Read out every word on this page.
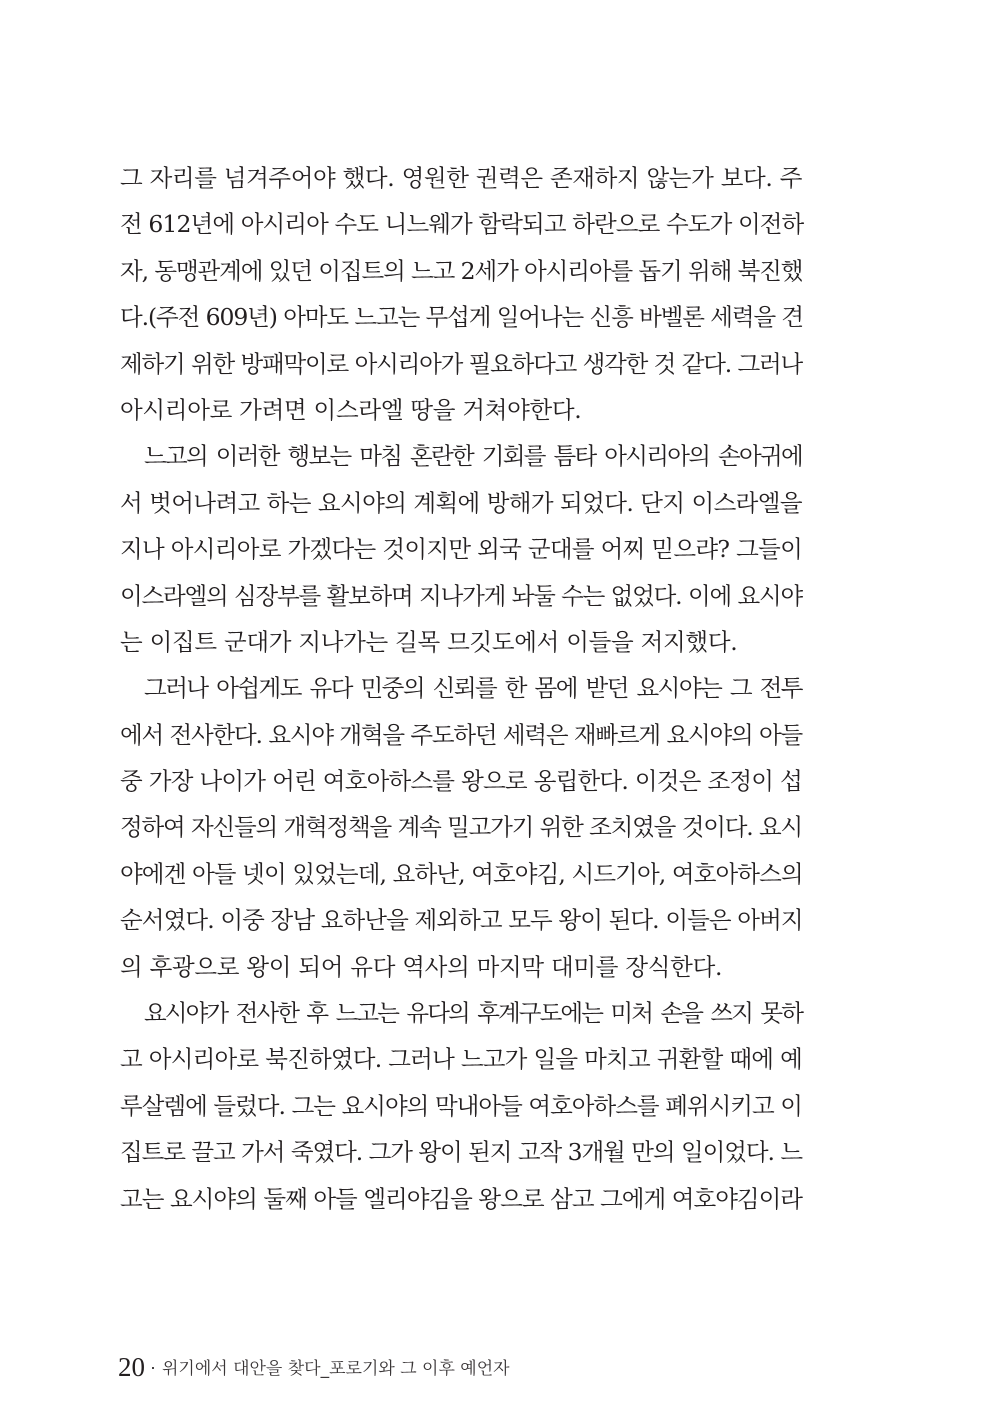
그 자리를 넘겨주어야 했다. 영원한 권력은 존재하지 않는가 보다. 주
전 612년에 아시리아 수도 니느웨가 함락되고 하란으로 수도가 이전하
자, 동맹관계에 있던 이집트의 느고 2세가 아시리아를 돕기 위해 북진했
다.(주전 609년) 아마도 느고는 무섭게 일어나는 신흥 바벨론 세력을 견
제하기 위한 방패막이로 아시리아가 필요하다고 생각한 것 같다. 그러나
아시리아로 가려면 이스라엘 땅을 거쳐야한다.
느고의 이러한 행보는 마침 혼란한 기회를 틈타 아시리아의 손아귀에
서 벗어나려고 하는 요시야의 계획에 방해가 되었다. 단지 이스라엘을
지나 아시리아로 가겠다는 것이지만 외국 군대를 어찌 믿으랴? 그들이
이스라엘의 심장부를 활보하며 지나가게 놔둘 수는 없었다. 이에 요시야
는 이집트 군대가 지나가는 길목 므깃도에서 이들을 저지했다.
그러나 아쉽게도 유다 민중의 신뢰를 한 몸에 받던 요시야는 그 전투
에서 전사한다. 요시야 개혁을 주도하던 세력은 재빠르게 요시야의 아들
중 가장 나이가 어린 여호아하스를 왕으로 옹립한다. 이것은 조정이 섭
정하여 자신들의 개혁정책을 계속 밀고가기 위한 조치였을 것이다. 요시
야에겐 아들 넷이 있었는데, 요하난, 여호야김, 시드기아, 여호아하스의
순서였다. 이중 장남 요하난을 제외하고 모두 왕이 된다. 이들은 아버지
의 후광으로 왕이 되어 유다 역사의 마지막 대미를 장식한다.
요시야가 전사한 후 느고는 유다의 후계구도에는 미처 손을 쓰지 못하
고 아시리아로 북진하였다. 그러나 느고가 일을 마치고 귀환할 때에 예
루살렘에 들렀다. 그는 요시야의 막내아들 여호아하스를 폐위시키고 이
집트로 끌고 가서 죽였다. 그가 왕이 된지 고작 3개월 만의 일이었다. 느
고는 요시야의 둘째 아들 엘리야김을 왕으로 삼고 그에게 여호야김이라
20 · 위기에서 대안을 찾다_포로기와 그 이후 예언자
